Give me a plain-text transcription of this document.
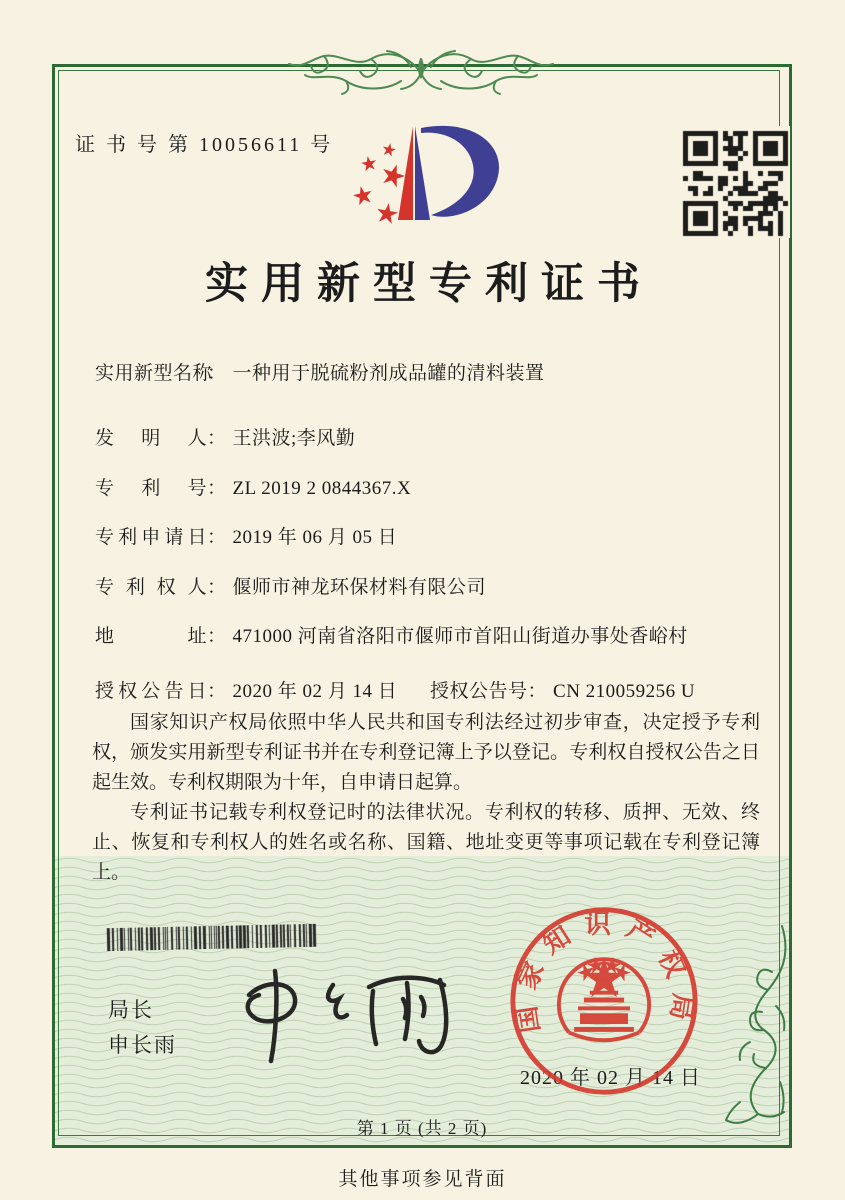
证 书 号 第 10056611 号
实用新型专利证书
实用新型名称： 一种用于脱硫粉剂成品罐的清料装置
发明人： 王洪波;李风勤
专利号： ZL 2019 2 0844367.X
专利申请日： 2019 年 06 月 05 日
专利权人： 偃师市神龙环保材料有限公司
地址： 471000 河南省洛阳市偃师市首阳山街道办事处香峪村
授权公告日： 2020 年 02 月 14 日 授权公告号： CN 210059256 U

国家知识产权局依照中华人民共和国专利法经过初步审查，决定授予专利权，颁发实用新型专利证书并在专利登记簿上予以登记。专利权自授权公告之日起生效。专利权期限为十年，自申请日起算。

专利证书记载专利权登记时的法律状况。专利权的转移、质押、无效、终止、恢复和专利权人的姓名或名称、国籍、地址变更等事项记载在专利登记簿上。

局长
申长雨
2020 年 02 月 14 日
国家知识产权局
第 1 页 (共 2 页)
其他事项参见背面
